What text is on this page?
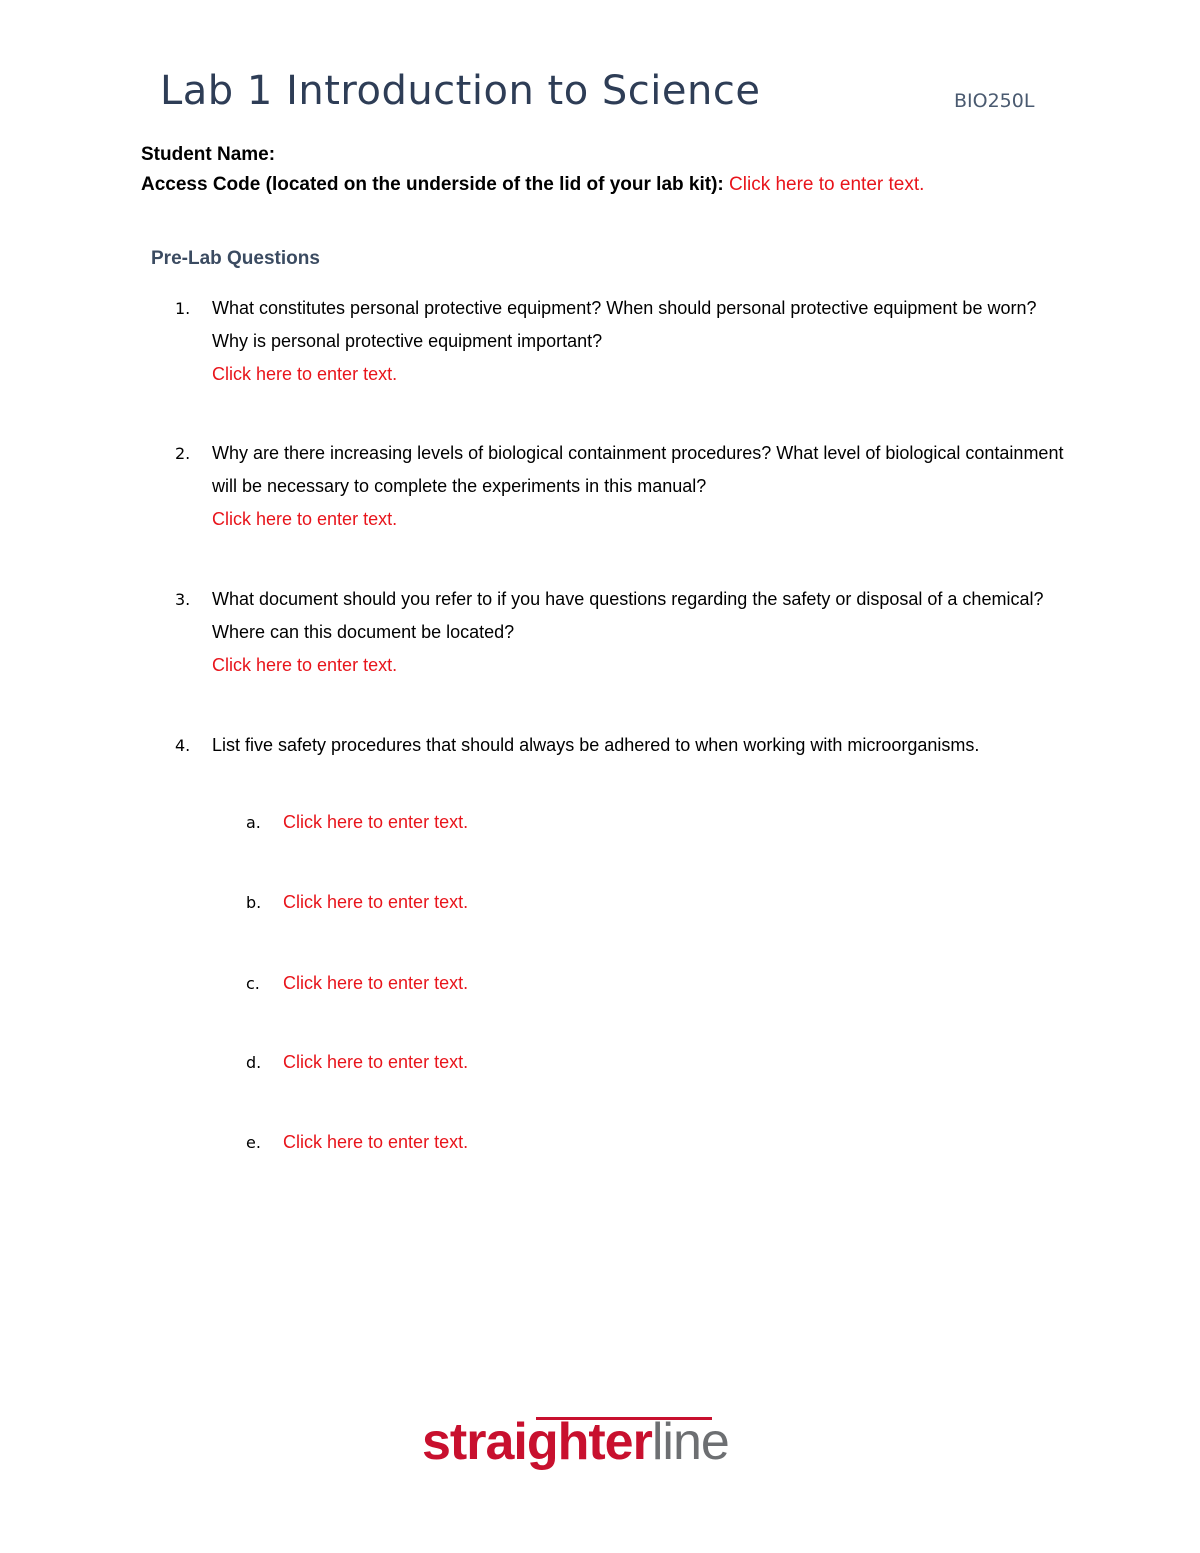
Lab 1 Introduction to Science	BIO250L
Student Name:
Access Code (located on the underside of the lid of your lab kit): Click here to enter text.
Pre-Lab Questions
1. What constitutes personal protective equipment? When should personal protective equipment be worn? Why is personal protective equipment important?
Click here to enter text.
2. Why are there increasing levels of biological containment procedures? What level of biological containment will be necessary to complete the experiments in this manual?
Click here to enter text.
3. What document should you refer to if you have questions regarding the safety or disposal of a chemical? Where can this document be located?
Click here to enter text.
4. List five safety procedures that should always be adhered to when working with microorganisms.
a. Click here to enter text.
b. Click here to enter text.
c. Click here to enter text.
d. Click here to enter text.
e. Click here to enter text.
straighterline
